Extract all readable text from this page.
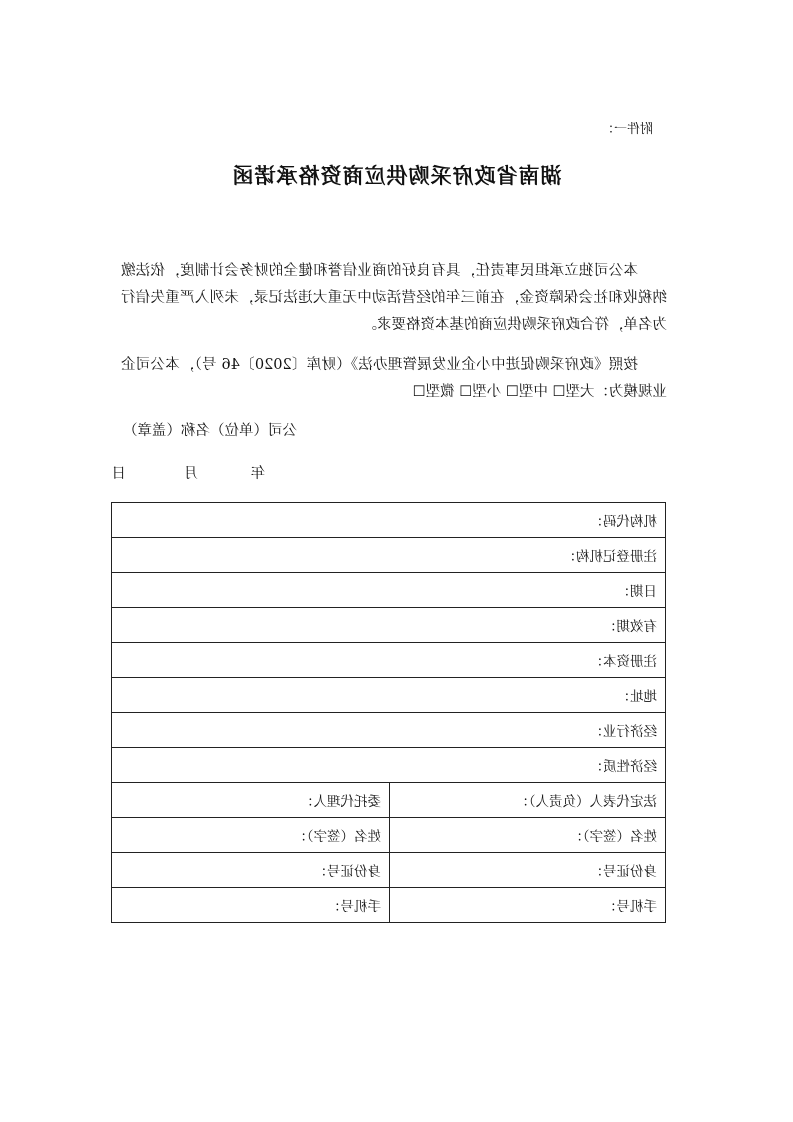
附件一：
湖南省政府采购供应商资格承诺函
本公司独立承担民事责任，具有良好的商业信誉和健全的财务会计制度，依法缴纳税收和社会保障资金，在前三年的经营活动中无重大违法记录，未列入严重失信行为名单，符合政府采购供应商的基本资格要求。
按照《政府采购促进中小企业发展管理办法》（财库〔2020〕46 号），本公司企业规模为：大型☐ 中型☐ 小型☐ 微型☐
公司（单位）名称（盖章）
年
月
日
机构代码：	
注册登记机构：	
日期：	
有效期：	
注册资本：	
地址：	
经济行业：	
经济性质：	
法定代表人（负责人）：	委托代理人：
姓名（签字）：	姓名（签字）：
身份证号：	身份证号：
手机号：	手机号：
